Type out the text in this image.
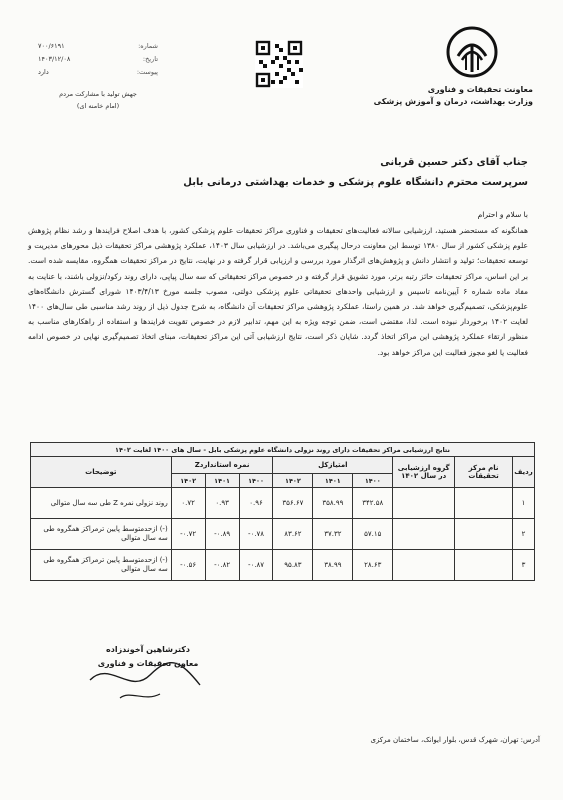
شماره:
۷۰۰/۶۱۹۱
تاریخ:
۱۴۰۳/۱۲/۰۸
پیوست:
دارد
جهش تولید با مشارکت مردم
(امام خامنه ای)
معاونت تحقیقات و فناوری
وزارت بهداشت، درمان و آموزش پزشکی
جناب آقای دکتر حسین قربانی
سرپرست محترم دانشگاه علوم پزشکی و خدمات بهداشتی درمانی بابل
با سلام و احترام
همانگونه که مستحضر هستید، ارزشیابی سالانه فعالیت‌های تحقیقات و فناوری مراکز تحقیقات علوم پزشکی کشور، با هدف اصلاح فرایندها و رشد نظام پژوهش علوم پزشکی کشور از سال ۱۳۸۰ توسط این معاونت درحال پیگیری می‌باشد. در ارزشیابی سال ۱۴۰۳، عملکرد پژوهشی مراکز تحقیقات ذیل محورهای مدیریت و توسعه تحقیقات؛ تولید و انتشار دانش و پژوهش‌های اثرگذار مورد بررسی و ارزیابی قرار گرفته و در نهایت، نتایج در مراکز تحقیقات همگروه، مقایسه شده است. بر این اساس، مراکز تحقیقات حائز رتبه برتر، مورد تشویق قرار گرفته و در خصوص مراکز تحقیقاتی که سه سال پیاپی، دارای روند رکود/نزولی باشند، با عنایت به مفاد ماده شماره ۶ آیین‌نامه تاسیس و ارزشیابی واحدهای تحقیقاتی علوم پزشکی دولتی، مصوب جلسه مورخ ۱۴۰۳/۴/۱۳ شورای گسترش دانشگاه‌های علوم‌پزشکی، تصمیم‌گیری خواهد شد. در همین راستا، عملکرد پژوهشی مراکز تحقیقات آن دانشگاه، به شرح جدول ذیل از روند رشد مناسبی طی سال‌های ۱۴۰۰ لغایت ۱۴۰۲ برخوردار نبوده است. لذا، مقتضی است، ضمن توجه ویژه به این مهم، تدابیر لازم در خصوص تقویت فرایندها و استفاده از راهکارهای مناسب به منظور ارتقاء عملکرد پژوهشی این مراکز اتخاذ گردد. شایان ذکر است، نتایج ارزشیابی آتی این مراکز تحقیقات، مبنای اتخاذ تصمیم‌گیری نهایی در خصوص ادامه فعالیت یا لغو مجوز فعالیت این مراکز خواهد بود.
نتایج ارزشیابی مراکز تحقیقات دارای روند نزولی دانشگاه علوم پزشکی بابل - سال های ۱۴۰۰ لغایت ۱۴۰۲									
ردیف	نام مرکز تحقیقات	گروه ارزشیابی در سال ۱۴۰۲	امتیازکل			نمره استانداردZ			توضیحات
			۱۴۰۰	۱۴۰۱	۱۴۰۲	۱۴۰۰	۱۴۰۱	۱۴۰۲	
۱			۳۴۲.۵۸	۳۵۸.۹۹	۳۵۶.۶۷	۰.۹۶	۰.۹۳	۰.۷۲	روند نزولی نمره Z طی سه سال متوالی
۲			۵۷.۱۵	۳۷.۳۲	۸۳.۶۲	۰.۷۸-	۰.۸۹-	۰.۷۲-	(-) ازحدمتوسط پایین ترمراکز همگروه طی سه سال متوالی
۳			۲۸.۶۳	۳۸.۹۹	۹۵.۸۳	۰.۸۷-	۰.۸۲-	۰.۵۶-	(-) ازحدمتوسط پایین ترمراکز همگروه طی سه سال متوالی
دکترشاهین آخوندزاده
معاون تحقیقات و فناوری
آدرس: تهران، شهرک قدس، بلوار ایوانک، ساختمان مرکزی
